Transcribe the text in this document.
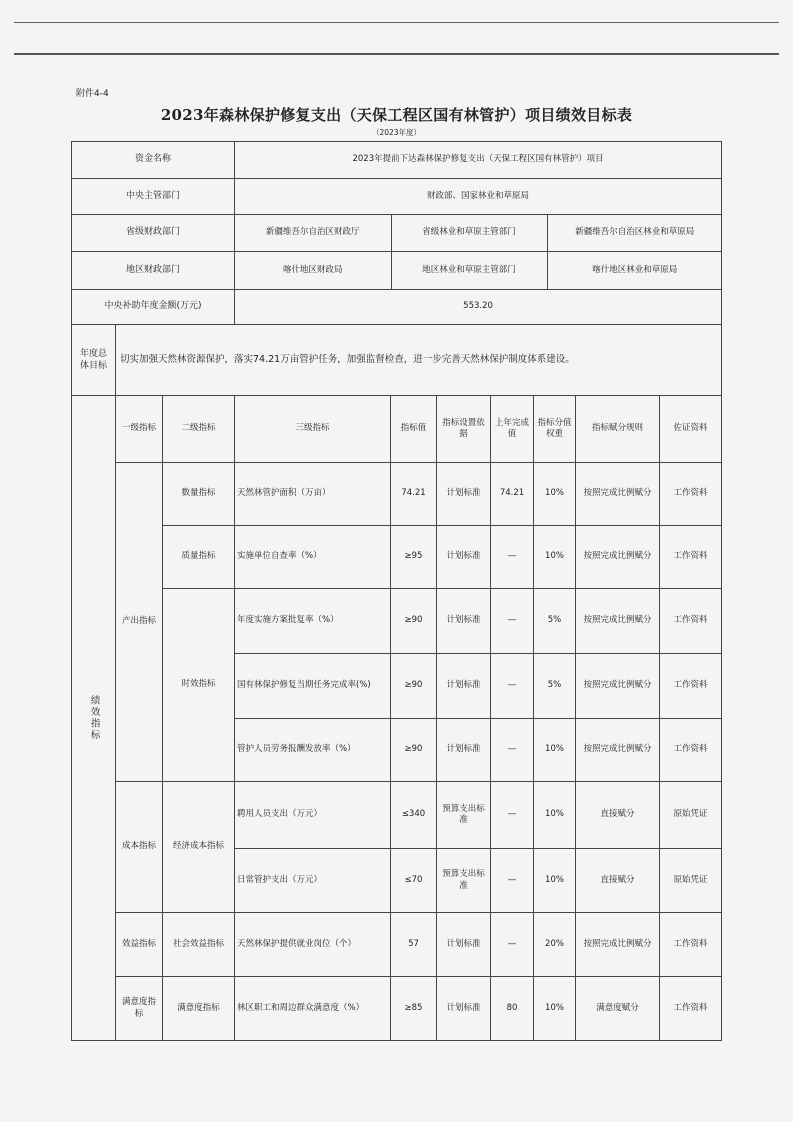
附件4-4
2023年森林保护修复支出（天保工程区国有林管护）项目绩效目标表
（2023年度）
资金名称	2023年提前下达森林保护修复支出（天保工程区国有林管护）项目
中央主管部门	财政部、国家林业和草原局
省级财政部门		新疆维吾尔自治区财政厅	省级林业和草原主管部门	新疆维吾尔自治区林业和草原局

地区财政部门		喀什地区财政局	地区林业和草原主管部门	喀什地区林业和草原局

中央补助年度金额(万元)	553.20
年度总体目标	切实加强天然林资源保护，落实74.21万亩管护任务，加强监督检查，进一步完善天然林保护制度体系建设。
绩效指标	一级指标	二级指标	三级指标	指标值	指标设置依据	上年完成值	指标分值权重	指标赋分规则	佐证资料
产出指标	数量指标	天然林管护面积（万亩）	74.21	计划标准	74.21	10%	按照完成比例赋分	工作资料
质量指标	实施单位自查率（%）	≥95	计划标准	—	10%	按照完成比例赋分	工作资料
时效指标	年度实施方案批复率（%）	≥90	计划标准	—	5%	按照完成比例赋分	工作资料
国有林保护修复当期任务完成率(%)	≥90	计划标准	—	5%	按照完成比例赋分	工作资料
管护人员劳务报酬发放率（%）	≥90	计划标准	—	10%	按照完成比例赋分	工作资料
成本指标	经济成本指标	聘用人员支出（万元）	≤340	预算支出标准	—	10%	直接赋分	原始凭证
日常管护支出（万元）	≤70	预算支出标准	—	10%	直接赋分	原始凭证
效益指标	社会效益指标	天然林保护提供就业岗位（个）	57	计划标准	—	20%	按照完成比例赋分	工作资料
满意度指标	满意度指标	林区职工和周边群众满意度（%）	≥85	计划标准	80	10%	满意度赋分	工作资料
